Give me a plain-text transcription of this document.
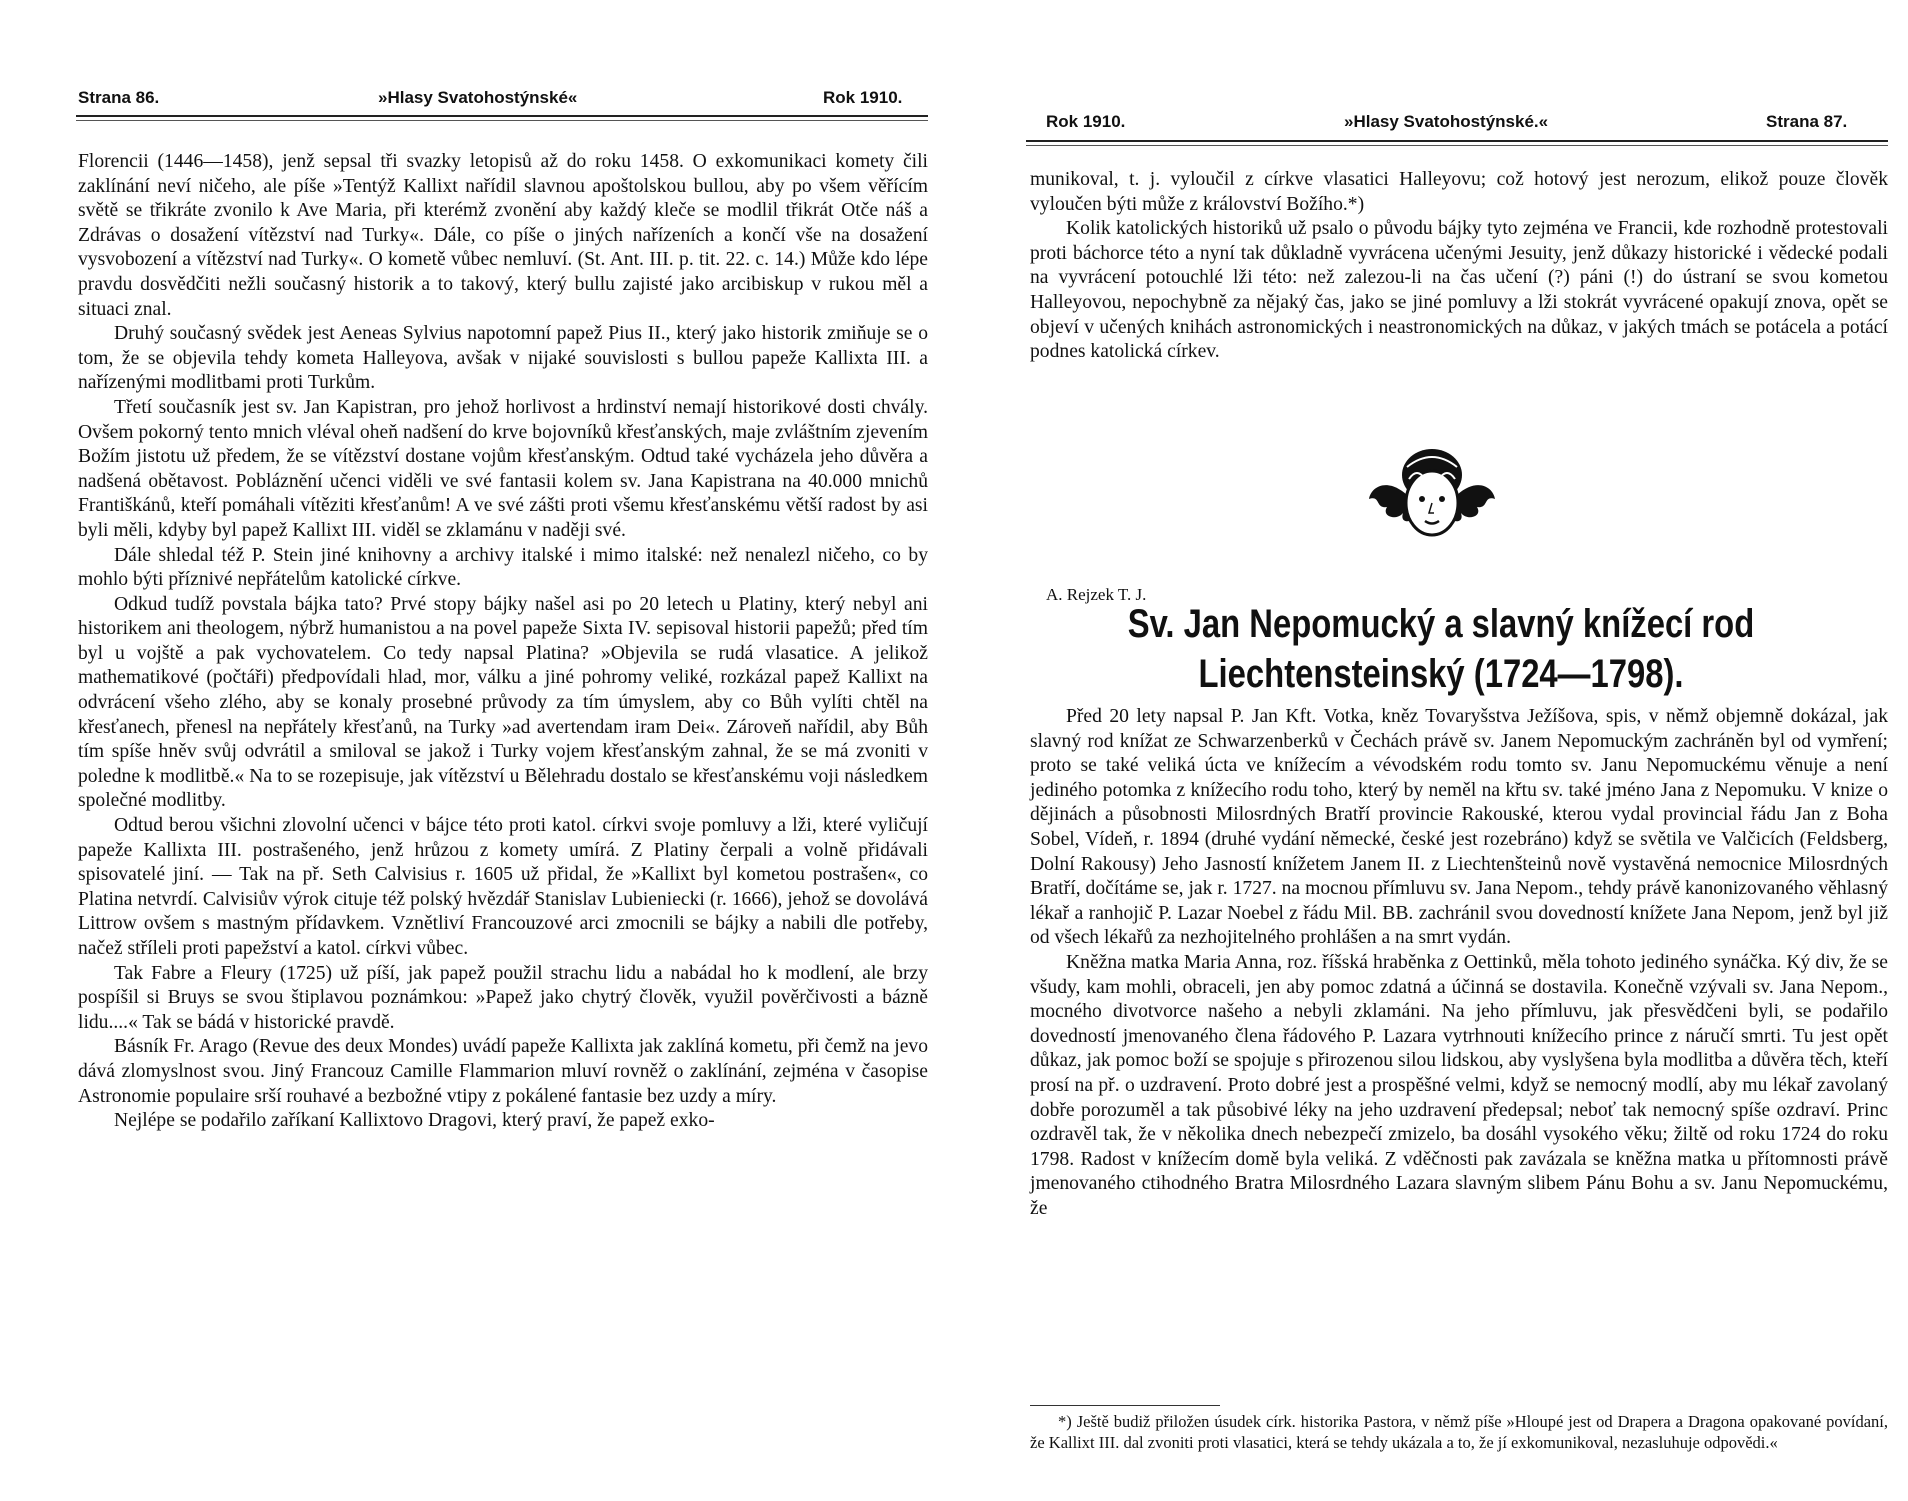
Strana 86.	»Hlasy Svatohostýnské«	Rok 1910.

Florencii (1446—1458), jenž sepsal tři svazky letopisů až do roku 1458. O exkomunikaci komety čili zaklínání neví ničeho, ale píše »Tentýž Kallixt nařídil slavnou apoštolskou bullou, aby po všem věřícím světě se třikráte zvonilo k Ave Maria, při kterémž zvonění aby každý kleče se modlil třikrát Otče náš a Zdrávas o dosažení vítězství nad Turky«. Dále, co píše o jiných nařízeních a končí vše na dosažení vysvobození a vítězství nad Turky«. O kometě vůbec nemluví. (St. Ant. III. p. tit. 22. c. 14.) Může kdo lépe pravdu dosvědčiti nežli současný historik a to takový, který bullu zajisté jako arcibiskup v rukou měl a situaci znal.

Druhý současný svědek jest Aeneas Sylvius napotomní papež Pius II., který jako historik zmiňuje se o tom, že se objevila tehdy kometa Halleyova, avšak v nijaké souvislosti s bullou papeže Kallixta III. a nařízenými modlitbami proti Turkům.

Třetí současník jest sv. Jan Kapistran, pro jehož horlivost a hrdinství nemají historikové dosti chvály. Ovšem pokorný tento mnich vléval oheň nadšení do krve bojovníků křesťanských, maje zvláštním zjevením Božím jistotu už předem, že se vítězství dostane vojům křesťanským. Odtud také vycházela jeho důvěra a nadšená obětavost. Pobláznění učenci viděli ve své fantasii kolem sv. Jana Kapistrana na 40.000 mnichů Františkánů, kteří pomáhali vítěziti křesťanům! A ve své zášti proti všemu křesťanskému větší radost by asi byli měli, kdyby byl papež Kallixt III. viděl se zklamánu v naději své.

Dále shledal též P. Stein jiné knihovny a archivy italské i mimo italské: než nenalezl ničeho, co by mohlo býti příznivé nepřátelům katolické církve.

Odkud tudíž povstala bájka tato? Prvé stopy bájky našel asi po 20 letech u Platiny, který nebyl ani historikem ani theologem, nýbrž humanistou a na povel papeže Sixta IV. sepisoval historii papežů; před tím byl u vojště a pak vychovatelem. Co tedy napsal Platina? »Objevila se rudá vlasatice. A jelikož mathematikové (počtáři) předpovídali hlad, mor, válku a jiné pohromy veliké, rozkázal papež Kallixt na odvrácení všeho zlého, aby se konaly prosebné průvody za tím úmyslem, aby co Bůh vylíti chtěl na křesťanech, přenesl na nepřátely křesťanů, na Turky »ad avertendam iram Dei«. Zároveň nařídil, aby Bůh tím spíše hněv svůj odvrátil a smiloval se jakož i Turky vojem křesťanským zahnal, že se má zvoniti v poledne k modlitbě.« Na to se rozepisuje, jak vítězství u Bělehradu dostalo se křesťanskému voji následkem společné modlitby.

Odtud berou všichni zlovolní učenci v bájce této proti katol. církvi svoje pomluvy a lži, které vyličují papeže Kallixta III. postrašeného, jenž hrůzou z komety umírá. Z Platiny čerpali a volně přidávali spisovatelé jiní. — Tak na př. Seth Calvisius r. 1605 už přidal, že »Kallixt byl kometou postrašen«, co Platina netvrdí. Calvisiův výrok cituje též polský hvězdář Stanislav Lubieniecki (r. 1666), jehož se dovolává Littrow ovšem s mastným přídavkem. Vznětliví Francouzové arci zmocnili se bájky a nabili dle potřeby, načež stříleli proti papežství a katol. církvi vůbec.

Tak Fabre a Fleury (1725) už píší, jak papež použil strachu lidu a nabádal ho k modlení, ale brzy pospíšil si Bruys se svou štiplavou poznámkou: »Papež jako chytrý člověk, využil pověrčivosti a bázně lidu....« Tak se bádá v historické pravdě.

Básník Fr. Arago (Revue des deux Mondes) uvádí papeže Kallixta jak zaklíná kometu, při čemž na jevo dává zlomyslnost svou. Jiný Francouz Camille Flammarion mluví rovněž o zaklínání, zejména v časopise Astronomie populaire srší rouhavé a bezbožné vtipy z pokálené fantasie bez uzdy a míry.

Nejlépe se podařilo zaříkaní Kallixtovo Dragovi, který praví, že papež exko-

Rok 1910.	»Hlasy Svatohostýnské.«	Strana 87.

munikoval, t. j. vyloučil z církve vlasatici Halleyovu; což hotový jest nerozum, elikož pouze člověk vyloučen býti může z království Božího.*)

Kolik katolických historiků už psalo o původu bájky tyto zejména ve Francii, kde rozhodně protestovali proti báchorce této a nyní tak důkladně vyvrácena učenými Jesuity, jenž důkazy historické i vědecké podali na vyvrácení potouchlé lži této: než zalezou-li na čas učení (?) páni (!) do ústraní se svou kometou Halleyovou, nepochybně za nějaký čas, jako se jiné pomluvy a lži stokrát vyvrácené opakují znova, opět se objeví v učených knihách astronomických i neastronomických na důkaz, v jakých tmách se potácela a potácí podnes katolická církev.

A. Rejzek T. J.
Sv. Jan Nepomucký a slavný knížecí rod
Liechtensteinský (1724—1798).

Před 20 lety napsal P. Jan Kft. Votka, kněz Tovaryšstva Ježíšova, spis, v němž objemně dokázal, jak slavný rod knížat ze Schwarzenberků v Čechách právě sv. Janem Nepomuckým zachráněn byl od vymření; proto se také veliká úcta ve knížecím a vévodském rodu tomto sv. Janu Nepomuckému věnuje a není jediného potomka z knížecího rodu toho, který by neměl na křtu sv. také jméno Jana z Nepomuku. V knize o dějinách a působnosti Milosrdných Bratří provincie Rakouské, kterou vydal provincial řádu Jan z Boha Sobel, Vídeň, r. 1894 (druhé vydání německé, české jest rozebráno) když se světila ve Valčicích (Feldsberg, Dolní Rakousy) Jeho Jasností knížetem Janem II. z Liechtenšteinů nově vystavěná nemocnice Milosrdných Bratří, dočítáme se, jak r. 1727. na mocnou přímluvu sv. Jana Nepom., tehdy právě kanonizovaného věhlasný lékař a ranhojič P. Lazar Noebel z řádu Mil. BB. zachránil svou dovedností knížete Jana Nepom, jenž byl již od všech lékařů za nezhojitelného prohlášen a na smrt vydán.

Kněžna matka Maria Anna, roz. říšská hraběnka z Oettinků, měla tohoto jediného synáčka. Ký div, že se všudy, kam mohli, obraceli, jen aby pomoc zdatná a účinná se dostavila. Konečně vzývali sv. Jana Nepom., mocného divotvorce našeho a nebyli zklamáni. Na jeho přímluvu, jak přesvědčeni byli, se podařilo dovedností jmenovaného člena řádového P. Lazara vytrhnouti knížecího prince z náručí smrti. Tu jest opět důkaz, jak pomoc boží se spojuje s přirozenou silou lidskou, aby vyslyšena byla modlitba a důvěra těch, kteří prosí na př. o uzdravení. Proto dobré jest a prospěšné velmi, když se nemocný modlí, aby mu lékař zavolaný dobře porozuměl a tak působivé léky na jeho uzdravení předepsal; neboť tak nemocný spíše ozdraví. Princ ozdravěl tak, že v několika dnech nebezpečí zmizelo, ba dosáhl vysokého věku; žiltě od roku 1724 do roku 1798. Radost v knížecím domě byla veliká. Z vděčnosti pak zavázala se kněžna matka u přítomnosti právě jmenovaného ctihodného Bratra Milosrdného Lazara slavným slibem Pánu Bohu a sv. Janu Nepomuckému, že

*) Ještě budiž přiložen úsudek círk. historika Pastora, v němž píše »Hloupé jest od Drapera a Dragona opakované povídaní, že Kallixt III. dal zvoniti proti vlasatici, která se tehdy ukázala a to, že jí exkomunikoval, nezasluhuje odpovědi.«
